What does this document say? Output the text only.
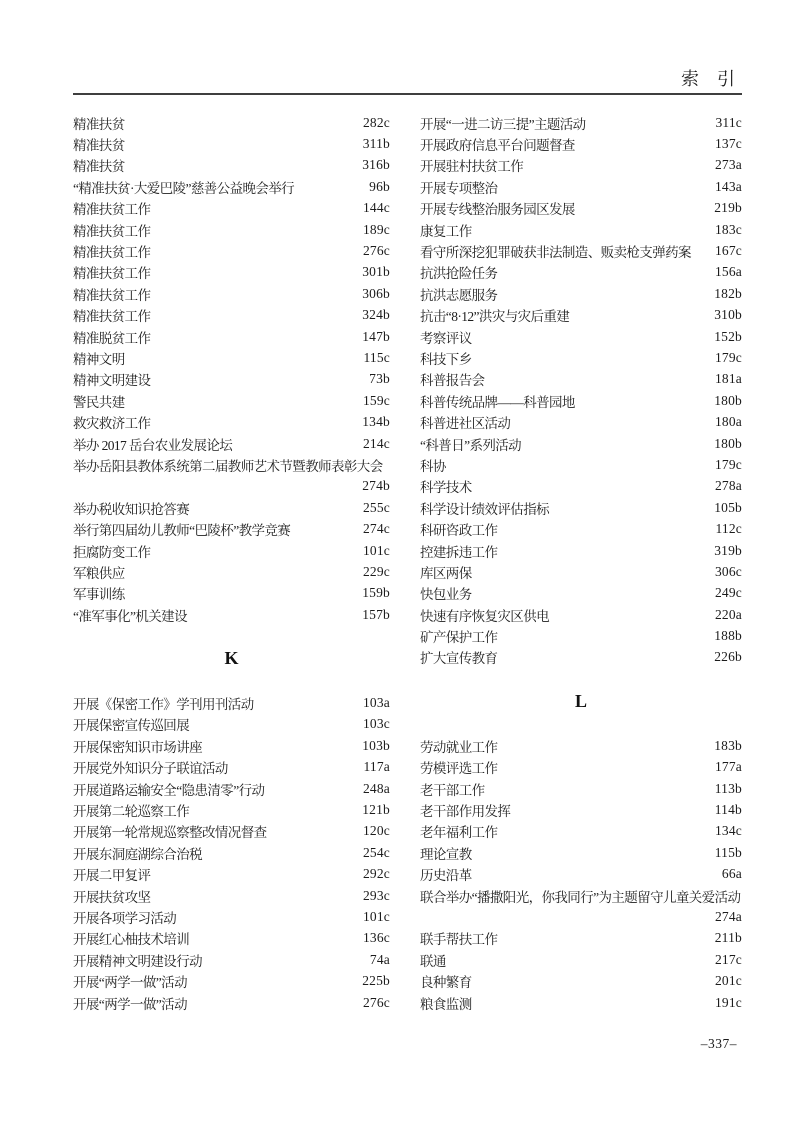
索　引
精准扶贫	282c
精准扶贫	311b
精准扶贫	316b
“精准扶贫·大爱巴陵”慈善公益晚会举行	96b
精准扶贫工作	144c
精准扶贫工作	189c
精准扶贫工作	276c
精准扶贫工作	301b
精准扶贫工作	306b
精准扶贫工作	324b
精准脱贫工作	147b
精神文明	115c
精神文明建设	73b
警民共建	159c
救灾救济工作	134b
举办 2017 岳台农业发展论坛	214c
举办岳阳县教体系统第二届教师艺术节暨教师表彰大会
274b
举办税收知识抢答赛	255c
举行第四届幼儿教师“巴陵杯”教学竞赛	274c
拒腐防变工作	101c
军粮供应	229c
军事训练	159b
“准军事化”机关建设	157b
K
开展《保密工作》学刊用刊活动	103a
开展保密宣传巡回展	103c
开展保密知识市场讲座	103b
开展党外知识分子联谊活动	117a
开展道路运输安全“隐患清零”行动	248a
开展第二轮巡察工作	121b
开展第一轮常规巡察整改情况督查	120c
开展东洞庭湖综合治税	254c
开展二甲复评	292c
开展扶贫攻坚	293c
开展各项学习活动	101c
开展红心柚技术培训	136c
开展精神文明建设行动	74a
开展“两学一做”活动	225b
开展“两学一做”活动	276c
开展“一进二访三提”主题活动	311c
开展政府信息平台问题督查	137c
开展驻村扶贫工作	273a
开展专项整治	143a
开展专线整治服务园区发展	219b
康复工作	183c
看守所深挖犯罪破获非法制造、贩卖枪支弹药案 167c
抗洪抢险任务	156a
抗洪志愿服务	182b
抗击“8·12”洪灾与灾后重建	310b
考察评议	152b
科技下乡	179c
科普报告会	181a
科普传统品牌——科普园地	180b
科普进社区活动	180a
“科普日”系列活动	180b
科协	179c
科学技术	278a
科学设计绩效评估指标	105b
科研咨政工作	112c
控建拆违工作	319b
库区两保	306c
快包业务	249c
快速有序恢复灾区供电	220a
矿产保护工作	188b
扩大宣传教育	226b
L
劳动就业工作	183b
劳模评选工作	177a
老干部工作	113b
老干部作用发挥	114b
老年福利工作	134c
理论宣教	115b
历史沿革	66a
联合举办“播撒阳光，你我同行”为主题留守儿童关爱活动
274a
联手帮扶工作	211b
联通	217c
良种繁育	201c
粮食监测	191c
–337–
